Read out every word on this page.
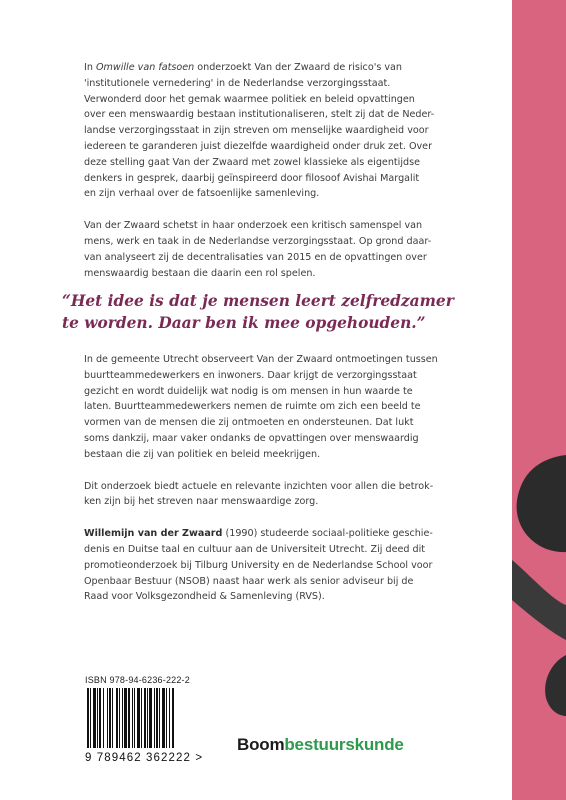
In Omwille van fatsoen onderzoekt Van der Zwaard de risico's van
'institutionele vernedering' in de Nederlandse verzorgingsstaat.
Verwonderd door het gemak waarmee politiek en beleid opvattingen
over een menswaardig bestaan institutionaliseren, stelt zij dat de Neder-
landse verzorgingsstaat in zijn streven om menselijke waardigheid voor
iedereen te garanderen juist diezelfde waardigheid onder druk zet. Over
deze stelling gaat Van der Zwaard met zowel klassieke als eigentijdse
denkers in gesprek, daarbij geïnspireerd door filosoof Avishai Margalit
en zijn verhaal over de fatsoenlijke samenleving.

Van der Zwaard schetst in haar onderzoek een kritisch samenspel van
mens, werk en taak in de Nederlandse verzorgingsstaat. Op grond daar-
van analyseert zij de decentralisaties van 2015 en de opvattingen over
menswaardig bestaan die daarin een rol spelen.

“Het idee is dat je mensen leert zelfredzamer
te worden. Daar ben ik mee opgehouden.”

In de gemeente Utrecht observeert Van der Zwaard ontmoetingen tussen
buurtteammedewerkers en inwoners. Daar krijgt de verzorgingsstaat
gezicht en wordt duidelijk wat nodig is om mensen in hun waarde te
laten. Buurtteammedewerkers nemen de ruimte om zich een beeld te
vormen van de mensen die zij ontmoeten en ondersteunen. Dat lukt
soms dankzij, maar vaker ondanks de opvattingen over menswaardig
bestaan die zij van politiek en beleid meekrijgen.

Dit onderzoek biedt actuele en relevante inzichten voor allen die betrok-
ken zijn bij het streven naar menswaardige zorg.

Willemijn van der Zwaard (1990) studeerde sociaal-politieke geschie-
denis en Duitse taal en cultuur aan de Universiteit Utrecht. Zij deed dit
promotieonderzoek bij Tilburg University en de Nederlandse School voor
Openbaar Bestuur (NSOB) naast haar werk als senior adviseur bij de
Raad voor Volksgezondheid & Samenleving (RVS).

ISBN 978-94-6236-222-2
9 789462 362222 >
Boombestuurskunde
